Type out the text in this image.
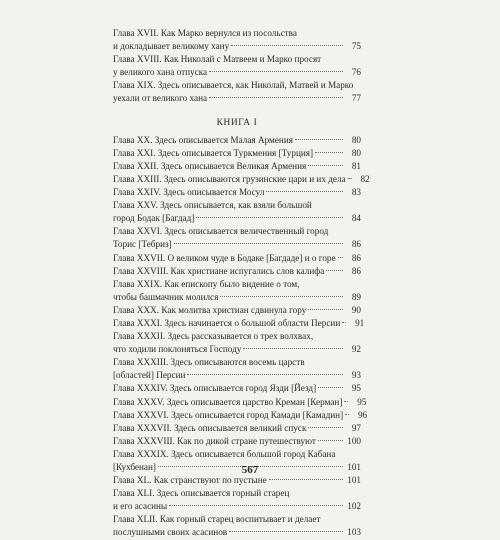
Глава XVII. Как Марко вернулся из посольства
и докладывает великому хану	75
Глава XVIII. Как Николай с Матвеем и Марко просят
у великого хана отпуска	76
Глава XIX. Здесь описывается, как Николай, Матвей и Марко
уехали от великого хана	77
КНИГА I
Глава XX. Здесь описывается Малая Армения	80
Глава XXI. Здесь описывается Туркмения [Турция]	80
Глава XXII. Здесь описывается Великая Армения	81
Глава XXIII. Здесь описываются грузинские цари и их дела	82
Глава XXIV. Здесь описывается Мосул	83
Глава XXV. Здесь описывается, как взяли большой
город Бодак [Багдад]	84
Глава XXVI. Здесь описывается величественный город
Торис [Тебриз]	86
Глава XXVII. О великом чуде в Бодаке [Багдаде] и о горе	86
Глава XXVIII. Как христиане испугались слов калифа	86
Глава XXIX. Как епископу было видение о том,
чтобы башмачник молился	89
Глава XXX. Как молитва христиан сдвинула гору	90
Глава XXXI. Здесь начинается о большой области Персии	91
Глава XXXII. Здесь рассказывается о трех волхвах,
что ходили поклоняться Господу	92
Глава XXXIII. Здесь описываются восемь царств
[областей] Персии	93
Глава XXXIV. Здесь описывается город Язди [Йезд]	95
Глава XXXV. Здесь описывается царство Креман [Керман]	95
Глава XXXVI. Здесь описывается город Камади [Камадин]	96
Глава XXXVII. Здесь описывается великий спуск	97
Глава XXXVIII. Как по дикой стране путешествуют	100
Глава XXXIX. Здесь описывается большой город Кабана
[Кухбенан]	101
Глава XL. Как странствуют по пустыне	101
Глава XLI. Здесь описывается горный старец
и его асасины	102
Глава XLII. Как горный старец воспитывает и делает
послушными своих асасинов	103
567
